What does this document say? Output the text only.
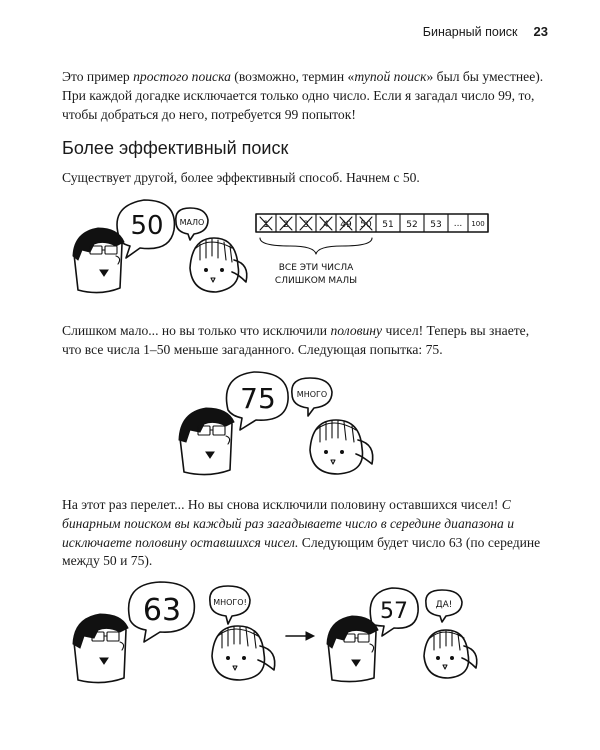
Бинарный поиск 23

Это пример простого поиска (возможно, термин «тупой поиск» был бы уместнее). При каждой догадке исключается только одно число. Если я загадал число 99, то, чтобы добраться до него, потребуется 99 попыток!

Более эффективный поиск

Существует другой, более эффективный способ. Начнем с 50.

50 МАЛО	1 2 3 4 49 50 51 52 53 ... 100
ВСЕ ЭТИ ЧИСЛА
СЛИШКОМ МАЛЫ

Слишком мало... но вы только что исключили половину чисел! Теперь вы знаете, что все числа 1–50 меньше загаданного. Следующая попытка: 75.

75	МНОГО

На этот раз перелет... Но вы снова исключили половину оставшихся чисел! С бинарным поиском вы каждый раз загадываете число в середине диапазона и исключаете половину оставшихся чисел. Следующим будет число 63 (по середине между 50 и 75).

63	МНОГО!	57	ДА!
